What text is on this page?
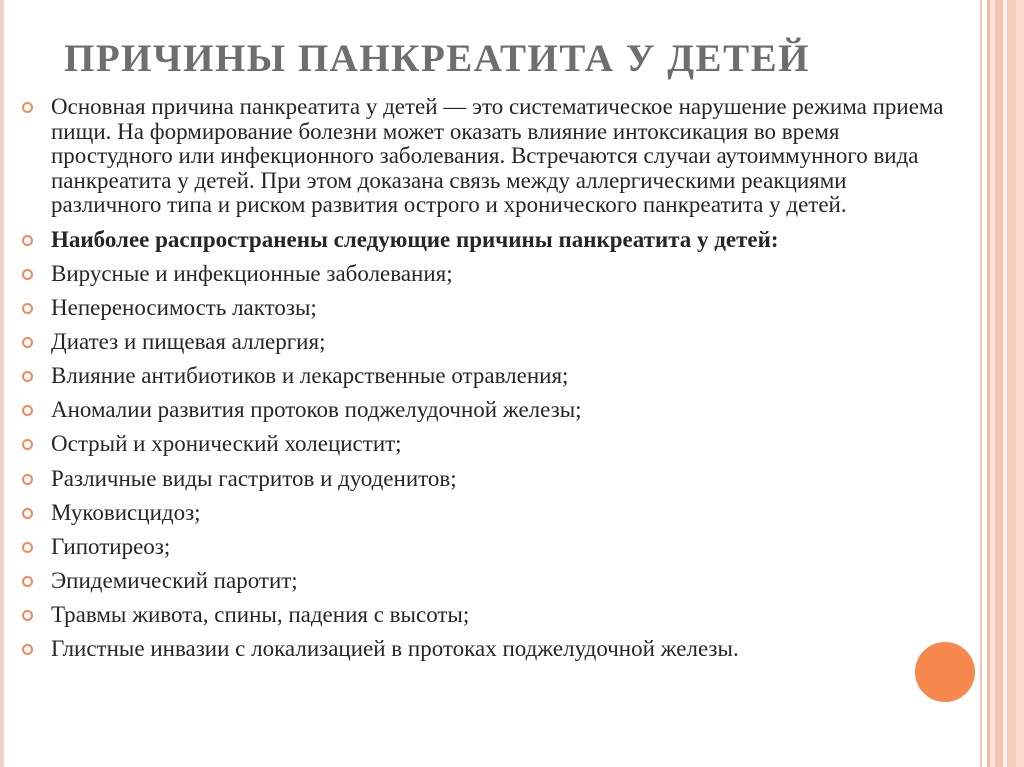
ПРИЧИНЫ ПАНКРЕАТИТА У ДЕТЕЙ
Основная причина панкреатита у детей — это систематическое нарушение режима приема пищи. На формирование болезни может оказать влияние интоксикация во время простудного или инфекционного заболевания. Встречаются случаи аутоиммунного вида панкреатита у детей. При этом доказана связь между аллергическими реакциями различного типа и риском развития острого и хронического панкреатита у детей.
Наиболее распространены следующие причины панкреатита у детей:
Вирусные и инфекционные заболевания;
Непереносимость лактозы;
Диатез и пищевая аллергия;
Влияние антибиотиков и лекарственные отравления;
Аномалии развития протоков поджелудочной железы;
Острый и хронический холецистит;
Различные виды гастритов и дуоденитов;
Муковисцидоз;
Гипотиреоз;
Эпидемический паротит;
Травмы живота, спины, падения с высоты;
Глистные инвазии с локализацией в протоках поджелудочной железы.
